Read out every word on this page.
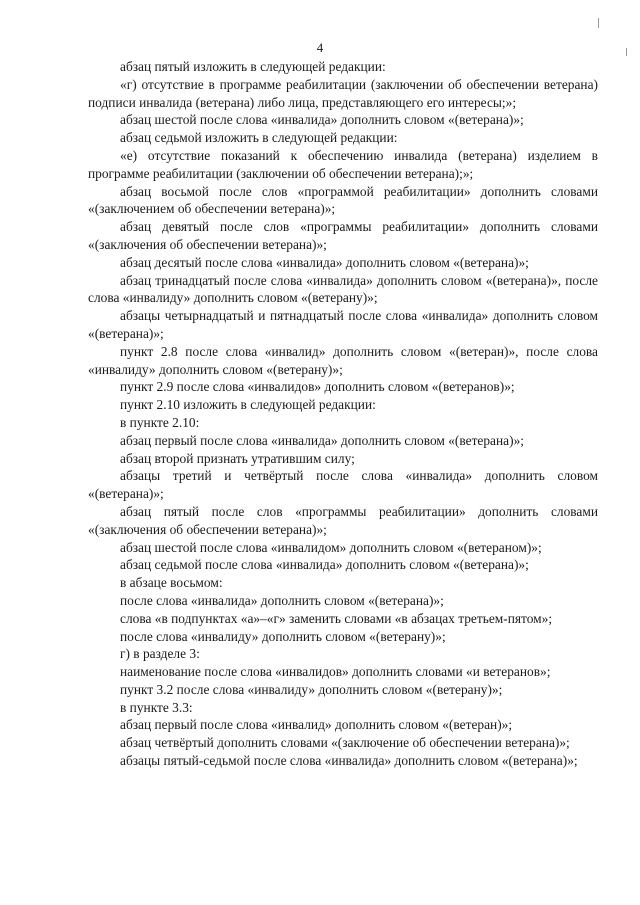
4

абзац пятый изложить в следующей редакции:

«г) отсутствие в программе реабилитации (заключении об обеспечении ветерана) подписи инвалида (ветерана) либо лица, представляющего его интересы;»;

абзац шестой после слова «инвалида» дополнить словом «(ветерана)»;

абзац седьмой изложить в следующей редакции:

«е) отсутствие показаний к обеспечению инвалида (ветерана) изделием в программе реабилитации (заключении об обеспечении ветерана);»;

абзац восьмой после слов «программой реабилитации» дополнить словами «(заключением об обеспечении ветерана)»;

абзац девятый после слов «программы реабилитации» дополнить словами «(заключения об обеспечении ветерана)»;

абзац десятый после слова «инвалида» дополнить словом «(ветерана)»;

абзац тринадцатый после слова «инвалида» дополнить словом «(ветерана)», после слова «инвалиду» дополнить словом «(ветерану)»;

абзацы четырнадцатый и пятнадцатый после слова «инвалида» дополнить словом «(ветерана)»;

пункт 2.8 после слова «инвалид» дополнить словом «(ветеран)», после слова «инвалиду» дополнить словом «(ветерану)»;

пункт 2.9 после слова «инвалидов» дополнить словом «(ветеранов)»;

пункт 2.10 изложить в следующей редакции:

в пункте 2.10:

абзац первый после слова «инвалида» дополнить словом «(ветерана)»;

абзац второй признать утратившим силу;

абзацы третий и четвёртый после слова «инвалида» дополнить словом «(ветерана)»;

абзац пятый после слов «программы реабилитации» дополнить словами «(заключения об обеспечении ветерана)»;

абзац шестой после слова «инвалидом» дополнить словом «(ветераном)»;

абзац седьмой после слова «инвалида» дополнить словом «(ветерана)»;

в абзаце восьмом:

после слова «инвалида» дополнить словом «(ветерана)»;

слова «в подпунктах «а»–«г» заменить словами «в абзацах третьем-пятом»;

после слова «инвалиду» дополнить словом «(ветерану)»;

г) в разделе 3:

наименование после слова «инвалидов» дополнить словами «и ветеранов»;

пункт 3.2 после слова «инвалиду» дополнить словом «(ветерану)»;

в пункте 3.3:

абзац первый после слова «инвалид» дополнить словом «(ветеран)»;

абзац четвёртый дополнить словами «(заключение об обеспечении ветерана)»;

абзацы пятый-седьмой после слова «инвалида» дополнить словом «(ветерана)»;
